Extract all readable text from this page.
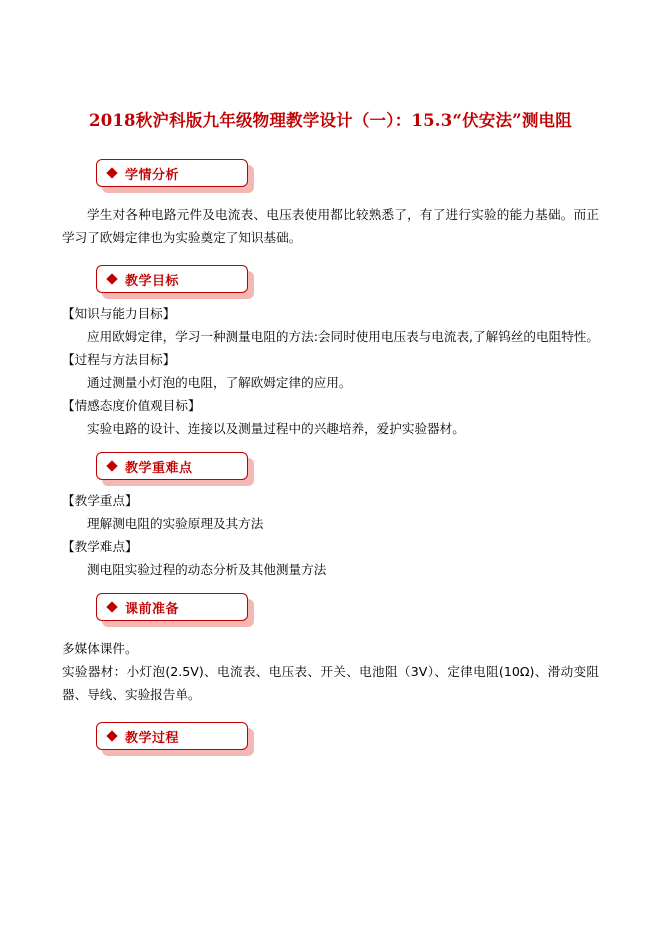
2018秋沪科版九年级物理教学设计（一）：15.3“伏安法”测电阻
学情分析

学生对各种电路元件及电流表、电压表使用都比较熟悉了，有了进行实验的能力基础。而正学习了欧姆定律也为实验奠定了知识基础。

教学目标

【知识与能力目标】

应用欧姆定律，学习一种测量电阻的方法:会同时使用电压表与电流表,了解钨丝的电阻特性。

【过程与方法目标】

通过测量小灯泡的电阻，了解欧姆定律的应用。

【情感态度价值观目标】

实验电路的设计、连接以及测量过程中的兴趣培养，爱护实验器材。

教学重难点

【教学重点】

理解测电阻的实验原理及其方法

【教学难点】

测电阻实验过程的动态分析及其他测量方法

课前准备

多媒体课件。

实验器材：小灯泡(2.5V)、电流表、电压表、开关、电池阻（3V）、定律电阻(10Ω)、滑动变阻器、导线、实验报告单。

教学过程
